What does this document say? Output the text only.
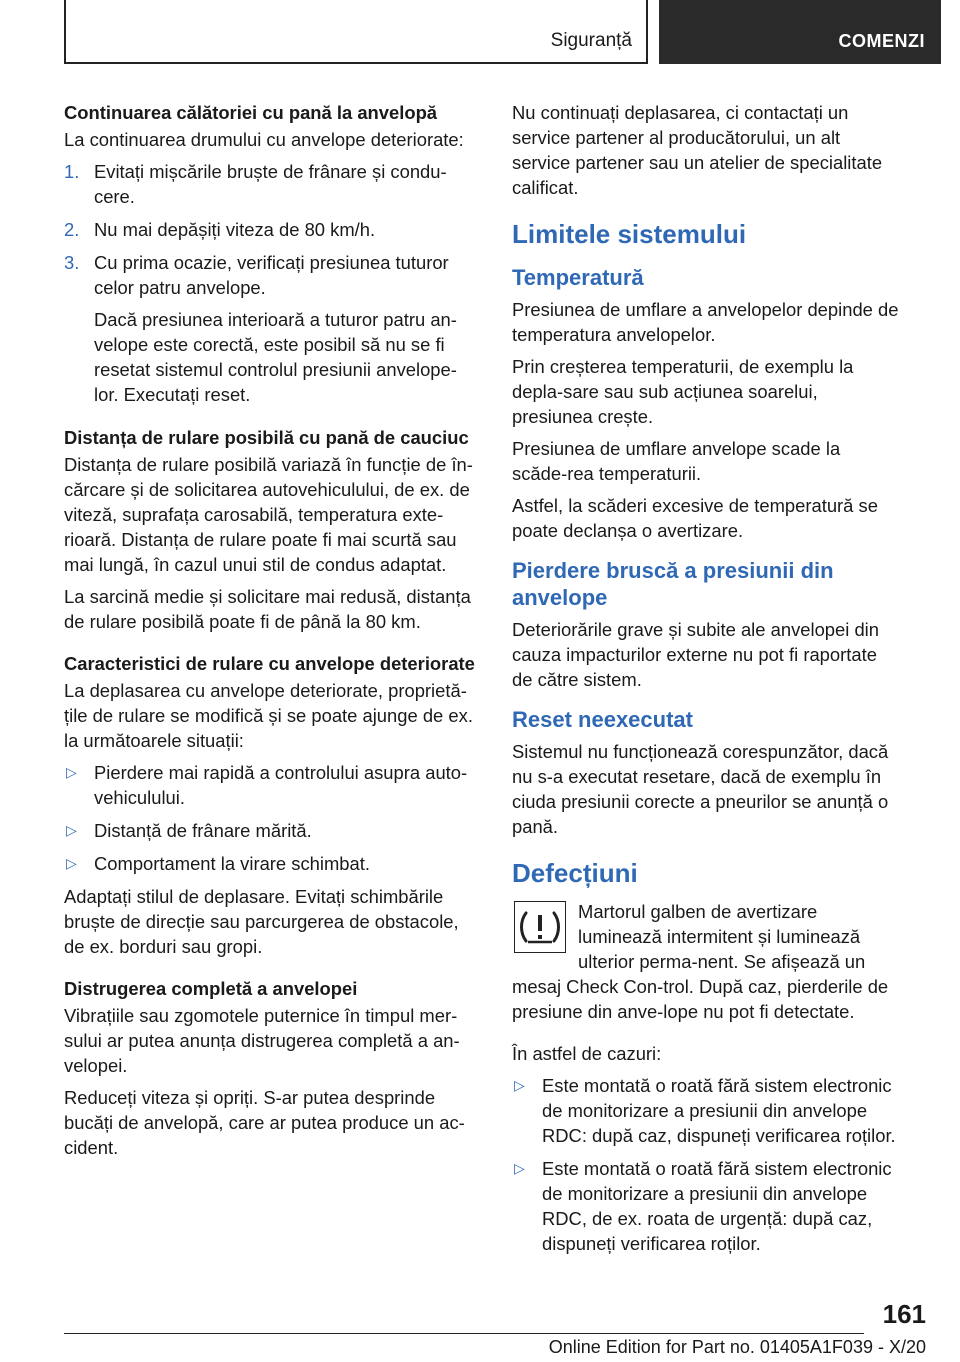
Siguranță	COMENZI

Continuarea călătoriei cu pană la anvelopă

La continuarea drumului cu anvelope deteriorate:

1. Evitați mișcările bruște de frânare și condu-cere.
2. Nu mai depășiți viteza de 80 km/h.
3. Cu prima ocazie, verificați presiunea tuturor celor patru anvelope.
Dacă presiunea interioară a tuturor patru an-velope este corectă, este posibil să nu se fi resetat sistemul controlul presiunii anvelope-lor. Executați reset.

Distanța de rulare posibilă cu pană de cauciuc

Distanța de rulare posibilă variază în funcție de în-cărcare și de solicitarea autovehiculului, de ex. de viteză, suprafața carosabilă, temperatura exte-rioară. Distanța de rulare poate fi mai scurtă sau mai lungă, în cazul unui stil de condus adaptat.

La sarcină medie și solicitare mai redusă, distanța de rulare posibilă poate fi de până la 80 km.

Caracteristici de rulare cu anvelope deteriorate

La deplasarea cu anvelope deteriorate, proprietă-țile de rulare se modifică și se poate ajunge de ex. la următoarele situații:

▷ Pierdere mai rapidă a controlului asupra auto-vehiculului.
▷ Distanță de frânare mărită.
▷ Comportament la virare schimbat.

Adaptați stilul de deplasare. Evitați schimbările bruște de direcție sau parcurgerea de obstacole, de ex. borduri sau gropi.

Distrugerea completă a anvelopei

Vibrațiile sau zgomotele puternice în timpul mer-sului ar putea anunța distrugerea completă a an-velopei.

Reduceți viteza și opriți. S-ar putea desprinde bucăți de anvelopă, care ar putea produce un ac-cident.

Nu continuați deplasarea, ci contactați un service partener al producătorului, un alt service partener sau un atelier de specialitate calificat.

Limitele sistemului
Temperatură

Presiunea de umflare a anvelopelor depinde de temperatura anvelopelor.

Prin creșterea temperaturii, de exemplu la depla-sare sau sub acțiunea soarelui, presiunea crește.

Presiunea de umflare anvelope scade la scăde-rea temperaturii.

Astfel, la scăderi excesive de temperatură se poate declanșa o avertizare.

Pierdere bruscă a presiunii din anvelope

Deteriorările grave și subite ale anvelopei din cauza impacturilor externe nu pot fi raportate de către sistem.

Reset neexecutat

Sistemul nu funcționează corespunzător, dacă nu s-a executat resetare, dacă de exemplu în ciuda presiunii corecte a pneurilor se anunță o pană.

Defecțiuni

Martorul galben de avertizare luminează intermitent și luminează ulterior perma-nent. Se afișează un mesaj Check Con-trol. După caz, pierderile de presiune din anve-lope nu pot fi detectate.

În astfel de cazuri:

▷ Este montată o roată fără sistem electronic de monitorizare a presiunii din anvelope RDC: după caz, dispuneți verificarea roților.
▷ Este montată o roată fără sistem electronic de monitorizare a presiunii din anvelope RDC, de ex. roata de urgență: după caz, dispuneți verificarea roților.
161
Online Edition for Part no. 01405A1F039 - X/20
